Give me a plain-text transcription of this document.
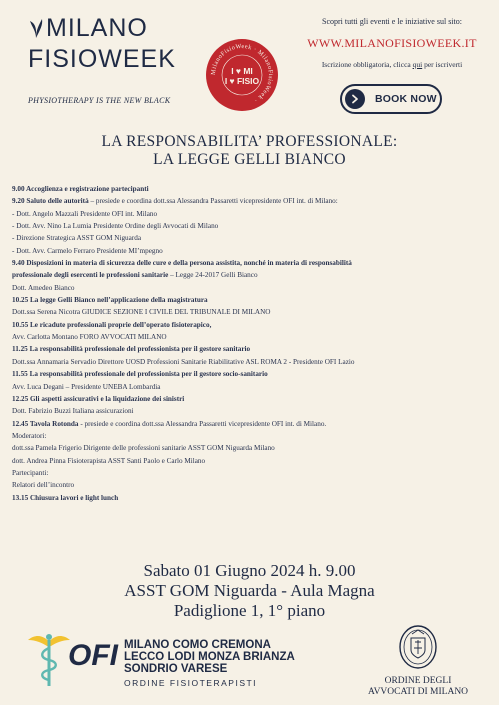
MILANO
FISIOWEEK
PHYSIOTHERAPY IS THE NEW BLACK
MilanoFisioWeek · MilanoFisioWeek ·
I ♥ MI
I ♥ FISIO
Scopri tutti gli eventi e le iniziative sul sito:
WWW.MILANOFISIOWEEK.IT
Iscrizione obbligatoria, clicca qui per iscriverti
BOOK NOW
LA RESPONSABILITA’ PROFESSIONALE:
LA LEGGE GELLI BIANCO
9.00 Accoglienza e registrazione partecipanti
9.20 Saluto delle autorità – presiede e coordina dott.ssa Alessandra Passaretti vicepresidente OFI int. di Milano:
- Dott. Angelo Mazzali Presidente OFI int. Milano
- Dott. Avv. Nino La Lumia Presidente Ordine degli Avvocati di Milano
- Direzione Strategica ASST GOM Niguarda
- Dott. Avv. Carmelo Ferraro Presidente MI’mpegno
9.40 Disposizioni in materia di sicurezza delle cure e della persona assistita, nonché in materia di responsabilità
professionale degli esercenti le professioni sanitarie – Legge 24-2017 Gelli Bianco
Dott. Amedeo Bianco
10.25 La legge Gelli Bianco nell’applicazione della magistratura
Dott.ssa Serena Nicotra GIUDICE SEZIONE I CIVILE DEL TRIBUNALE DI MILANO
10.55 Le ricadute professionali proprie dell’operato fisioterapico,
Avv. Carlotta Montano FORO AVVOCATI MILANO
11.25 La responsabilità professionale del professionista per il gestore sanitario
Dott.ssa Annamaria Servadio Direttore UOSD Professioni Sanitarie Riabilitative ASL ROMA 2 - Presidente OFI Lazio
11.55 La responsabilità professionale del professionista per il gestore socio-sanitario
Avv. Luca Degani – Presidente UNEBA Lombardia
12.25 Gli aspetti assicurativi e la liquidazione dei sinistri
Dott. Fabrizio Buzzi Italiana assicurazioni
12.45 Tavola Rotonda - presiede e coordina dott.ssa Alessandra Passaretti vicepresidente OFI int. di Milano.
Moderatori:
dott.ssa Pamela Frigerio Dirigente delle professioni sanitarie ASST GOM Niguarda Milano
dott. Andrea Pinna Fisioterapista ASST Santi Paolo e Carlo Milano
Partecipanti:
Relatori dell’incontro
13.15 Chiusura lavori e light lunch
Sabato 01 Giugno 2024 h. 9.00
ASST GOM Niguarda - Aula Magna
Padiglione 1, 1° piano
OFI MILANO COMO CREMONA
LECCO LODI MONZA BRIANZA
SONDRIO VARESE
ORDINE FISIOTERAPISTI	ORDINE DEGLI
AVVOCATI DI MILANO
